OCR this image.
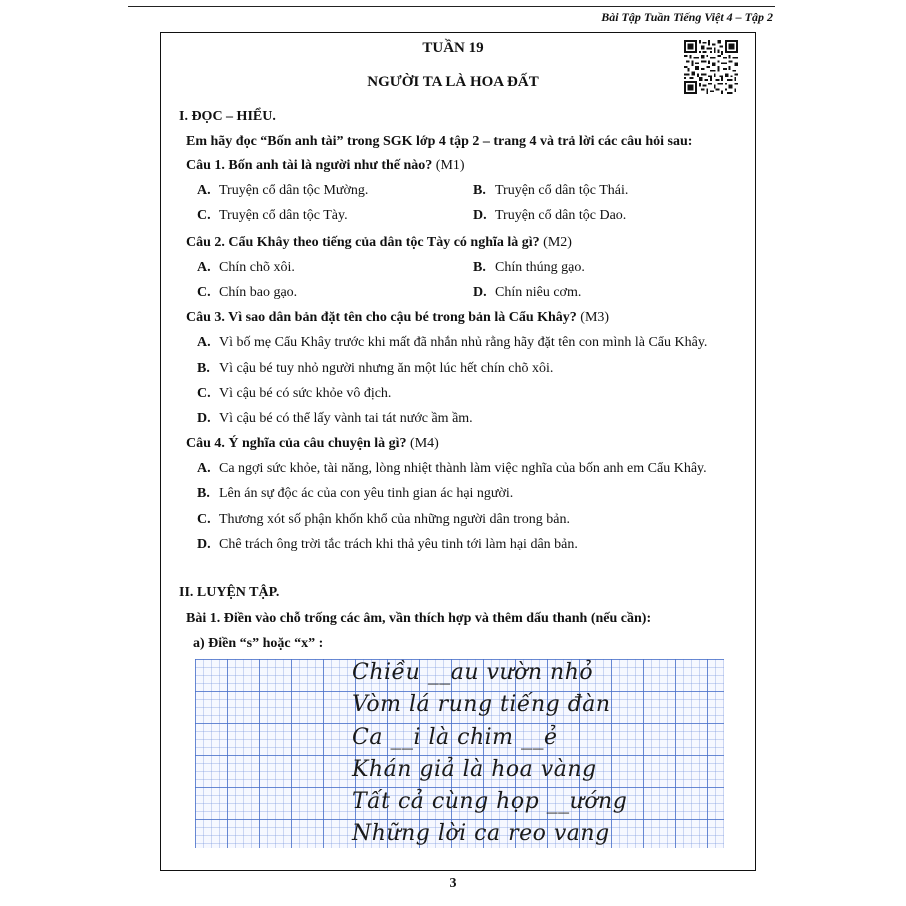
Bài Tập Tuần Tiếng Việt 4 – Tập 2
TUẦN 19
NGƯỜI TA LÀ HOA ĐẤT
I. ĐỌC – HIỂU.
Em hãy đọc “Bốn anh tài” trong SGK lớp 4 tập 2 – trang 4 và trả lời các câu hỏi sau:
Câu 1. Bốn anh tài là người như thế nào? (M1)
A. Truyện cổ dân tộc Mường.	B. Truyện cổ dân tộc Thái.
C. Truyện cổ dân tộc Tày.	D. Truyện cổ dân tộc Dao.
Câu 2. Cẩu Khây theo tiếng của dân tộc Tày có nghĩa là gì? (M2)
A. Chín chõ xôi.	B. Chín thúng gạo.
C. Chín bao gạo.	D. Chín niêu cơm.
Câu 3. Vì sao dân bản đặt tên cho cậu bé trong bản là Cẩu Khây? (M3)
A. Vì bố mẹ Cẩu Khây trước khi mất đã nhắn nhủ rằng hãy đặt tên con mình là Cẩu Khây.
B. Vì cậu bé tuy nhỏ người nhưng ăn một lúc hết chín chõ xôi.
C. Vì cậu bé có sức khỏe vô địch.
D. Vì cậu bé có thể lấy vành tai tát nước ầm ầm.
Câu 4. Ý nghĩa của câu chuyện là gì? (M4)
A. Ca ngợi sức khỏe, tài năng, lòng nhiệt thành làm việc nghĩa của bốn anh em Cẩu Khây.
B. Lên án sự độc ác của con yêu tinh gian ác hại người.
C. Thương xót số phận khốn khổ của những người dân trong bản.
D. Chê trách ông trời tắc trách khi thả yêu tinh tới làm hại dân bản.
II. LUYỆN TẬP.
Bài 1. Điền vào chỗ trống các âm, vần thích hợp và thêm dấu thanh (nếu cần):
a) Điền “s” hoặc “x” :
Chiều __au vườn nhỏ
Vòm lá rung tiếng đàn
Ca __i là chim __ẻ
Khán giả là hoa vàng
Tất cả cùng họp __ướng
Những lời ca reo vang
3
